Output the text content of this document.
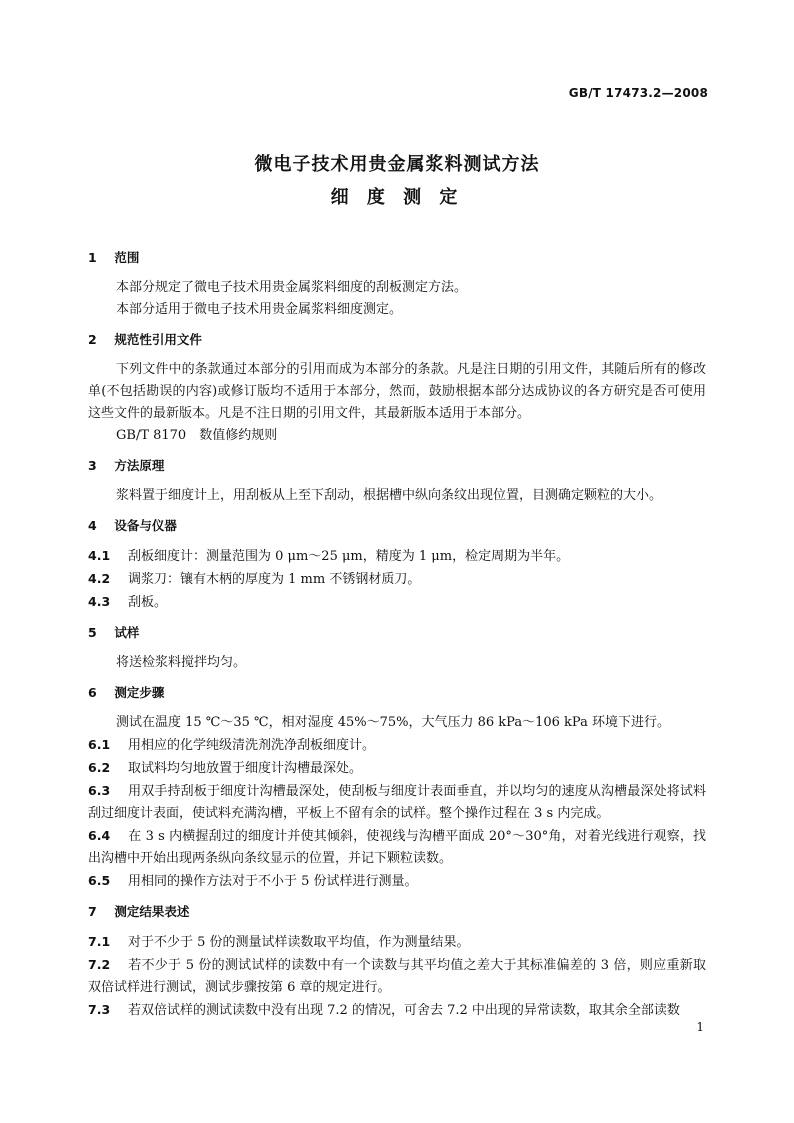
GB/T 17473.2—2008
微电子技术用贵金属浆料测试方法
细 度 测 定
1 范围
本部分规定了微电子技术用贵金属浆料细度的刮板测定方法。
本部分适用于微电子技术用贵金属浆料细度测定。
2 规范性引用文件
下列文件中的条款通过本部分的引用而成为本部分的条款。凡是注日期的引用文件，其随后所有的修改单(不包括勘误的内容)或修订版均不适用于本部分，然而，鼓励根据本部分达成协议的各方研究是否可使用这些文件的最新版本。凡是不注日期的引用文件，其最新版本适用于本部分。
GB/T 8170　数值修约规则
3 方法原理
浆料置于细度计上，用刮板从上至下刮动，根据槽中纵向条纹出现位置，目测确定颗粒的大小。
4 设备与仪器
4.1 刮板细度计：测量范围为 0 μm～25 μm，精度为 1 μm，检定周期为半年。
4.2 调浆刀：镶有木柄的厚度为 1 mm 不锈钢材质刀。
4.3 刮板。
5 试样
将送检浆料搅拌均匀。
6 测定步骤
测试在温度 15 ℃～35 ℃，相对湿度 45%～75%，大气压力 86 kPa～106 kPa 环境下进行。
6.1 用相应的化学纯级清洗剂洗净刮板细度计。
6.2 取试料均匀地放置于细度计沟槽最深处。
6.3 用双手持刮板于细度计沟槽最深处，使刮板与细度计表面垂直，并以均匀的速度从沟槽最深处将试料刮过细度计表面，使试料充满沟槽，平板上不留有余的试样。整个操作过程在 3 s 内完成。
6.4 在 3 s 内横握刮过的细度计并使其倾斜，使视线与沟槽平面成 20°～30°角，对着光线进行观察，找出沟槽中开始出现两条纵向条纹显示的位置，并记下颗粒读数。
6.5 用相同的操作方法对于不小于 5 份试样进行测量。
7 测定结果表述
7.1 对于不少于 5 份的测量试样读数取平均值，作为测量结果。
7.2 若不少于 5 份的测试试样的读数中有一个读数与其平均值之差大于其标准偏差的 3 倍，则应重新取双倍试样进行测试，测试步骤按第 6 章的规定进行。
7.3 若双倍试样的测试读数中没有出现 7.2 的情况，可舍去 7.2 中出现的异常读数，取其余全部读数
1
